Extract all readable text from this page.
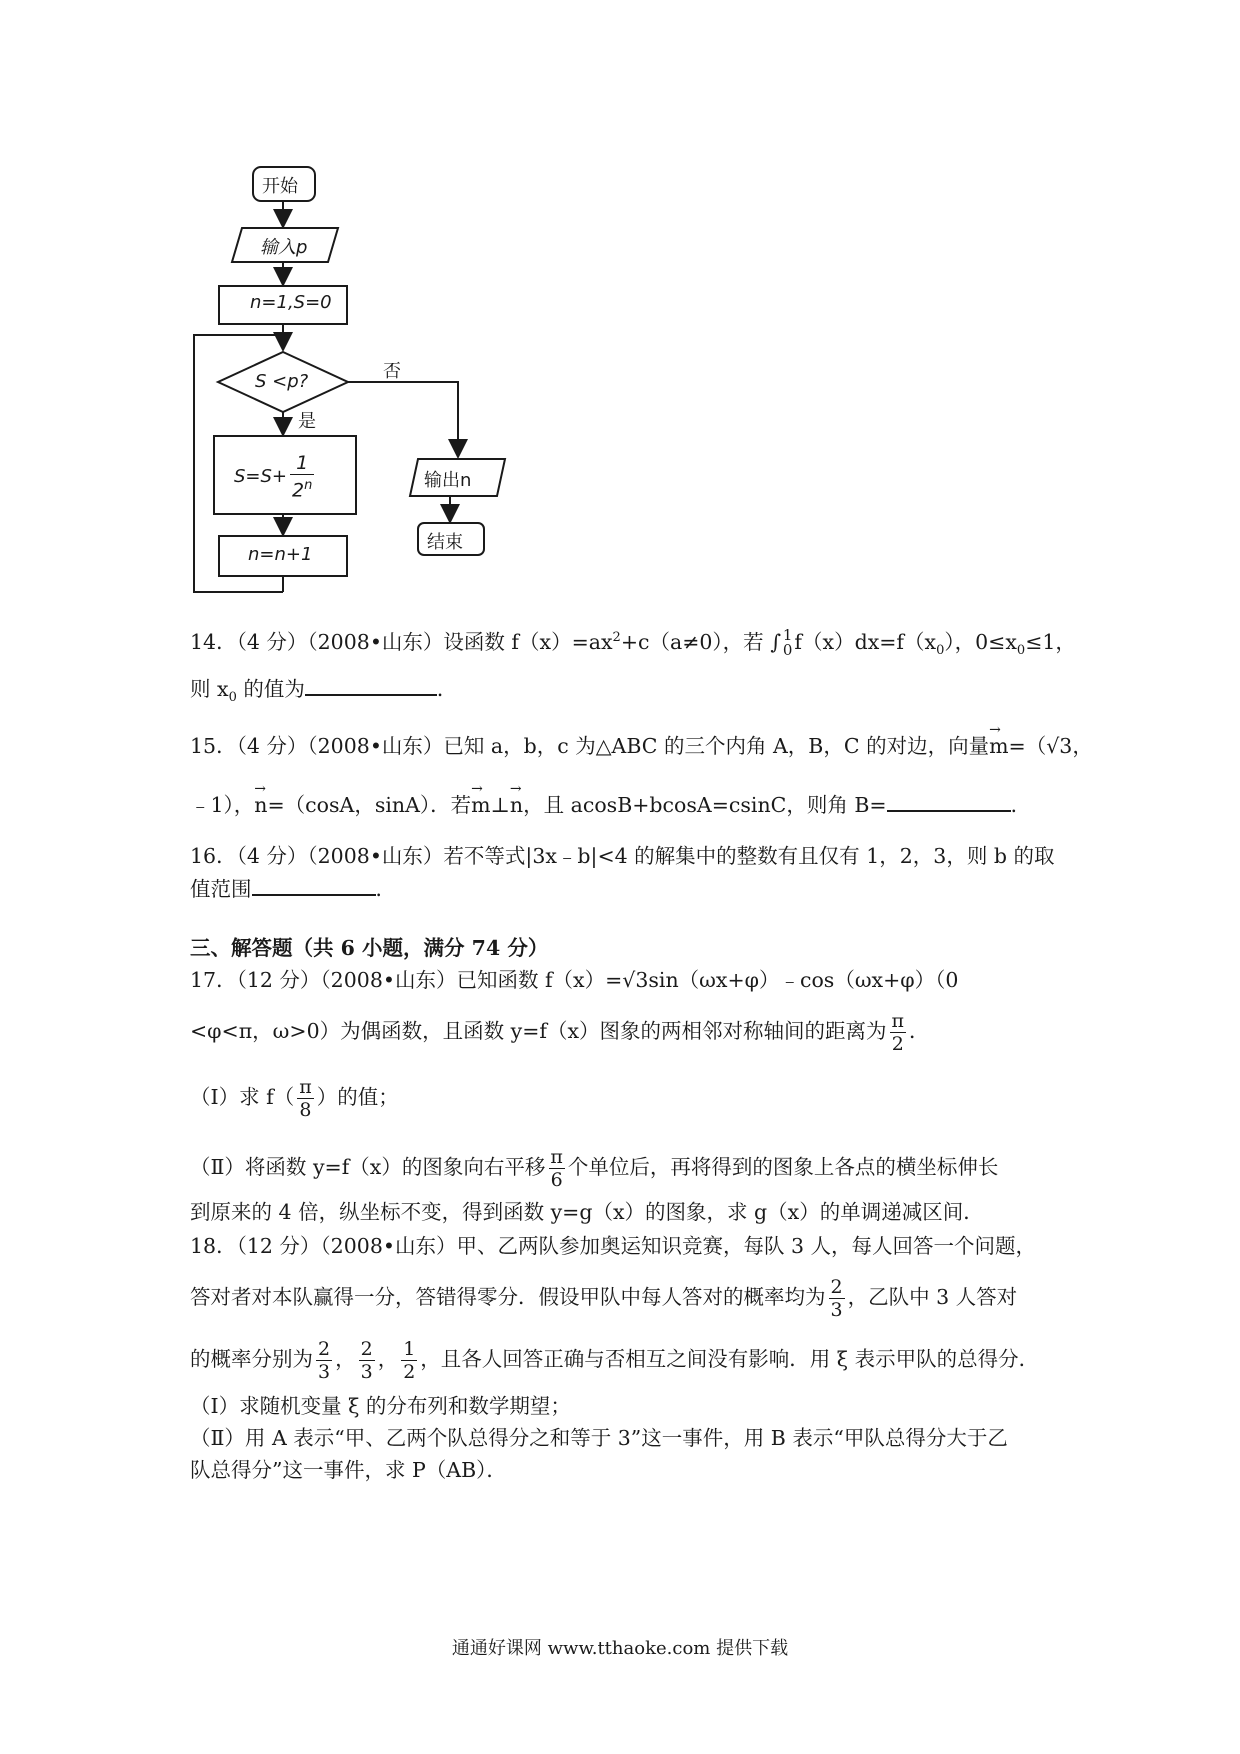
开始
输入p
n=1,S=0
S <p?	否
是
$S=S+ \frac{1}{2^n}$
n=n+1
输出n
结束
14．（4 分）（2008•山东）设函数 $f(x)=ax^2+c(a\ne 0)$，若 ∫ 1
0 $f(x)dx=f(x_0)$，$0\le x_0\le 1$，
则 $x_0$ 的值为	．
15．（4 分）（2008•山东）已知 a，b，c 为△ABC 的三个内角 A，B，C 的对边，向量→ m=（√3，
﹣1），→ n=（cosA，sinA）．若→ m⊥→ n，且 acosB+bcosA=csinC，则角 B=	．
16．（4 分）（2008•山东）若不等式|3x﹣b|<4 的解集中的整数有且仅有 1，2，3，则 b 的取
值范围	．
三、解答题（共 6 小题，满分 74 分）
17．（12 分）（2008•山东）已知函数 f（x）=√3sin（ωx+φ）﹣cos（ωx+φ）（0
<φ<π，ω>0）为偶函数，且函数 y=f（x）图象的两相邻对称轴间的距离为 $\frac{\pi}{2}$ ．
（Ⅰ）求 $f( \frac{\pi}{8}$ ）的值；
（Ⅱ）将函数 y=f（x）的图象向右平移 $\frac{\pi}{6}$ 个单位后，再将得到的图象上各点的横坐标伸长
到原来的 4 倍，纵坐标不变，得到函数 y=g（x）的图象，求 g（x）的单调递减区间．
18．（12 分）（2008•山东）甲、乙两队参加奥运知识竞赛，每队 3 人，每人回答一个问题，
答对者对本队赢得一分，答错得零分．假设甲队中每人答对的概率均为 $\frac{2}{3}$ ，乙队中 3 人答对
的概率分别为 $\frac{2}{3}$ ， $\frac{2}{3}$ ， $\frac{1}{2}$ ，且各人回答正确与否相互之间没有影响．用 ξ 表示甲队的总得分．
（Ⅰ）求随机变量 ξ 的分布列和数学期望；
（Ⅱ）用 A 表示“甲、乙两个队总得分之和等于 3”这一事件，用 B 表示“甲队总得分大于乙
队总得分”这一事件，求 P（AB）．
通通好课网 www.tthaoke.com 提供下载
